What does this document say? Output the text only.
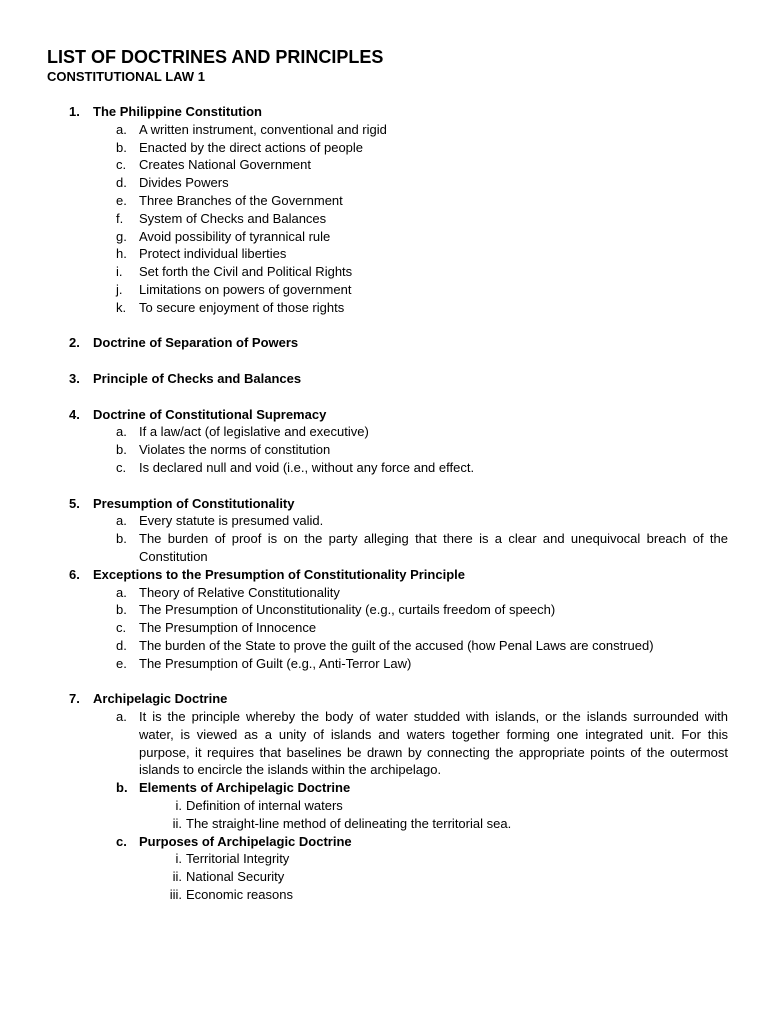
LIST OF DOCTRINES AND PRINCIPLES
CONSTITUTIONAL LAW 1
1. The Philippine Constitution
a. A written instrument, conventional and rigid
b. Enacted by the direct actions of people
c. Creates National Government
d. Divides Powers
e. Three Branches of the Government
f. System of Checks and Balances
g. Avoid possibility of tyrannical rule
h. Protect individual liberties
i. Set forth the Civil and Political Rights
j. Limitations on powers of government
k. To secure enjoyment of those rights
2. Doctrine of Separation of Powers
3. Principle of Checks and Balances
4. Doctrine of Constitutional Supremacy
a. If a law/act (of legislative and executive)
b. Violates the norms of constitution
c. Is declared null and void (i.e., without any force and effect.
5. Presumption of Constitutionality
a. Every statute is presumed valid.
b. The burden of proof is on the party alleging that there is a clear and unequivocal breach of the Constitution
6. Exceptions to the Presumption of Constitutionality Principle
a. Theory of Relative Constitutionality
b. The Presumption of Unconstitutionality (e.g., curtails freedom of speech)
c. The Presumption of Innocence
d. The burden of the State to prove the guilt of the accused (how Penal Laws are construed)
e. The Presumption of Guilt (e.g., Anti-Terror Law)
7. Archipelagic Doctrine
a. It is the principle whereby the body of water studded with islands, or the islands surrounded with water, is viewed as a unity of islands and waters together forming one integrated unit. For this purpose, it requires that baselines be drawn by connecting the appropriate points of the outermost islands to encircle the islands within the archipelago.
b. Elements of Archipelagic Doctrine
i. Definition of internal waters
ii. The straight-line method of delineating the territorial sea.
c. Purposes of Archipelagic Doctrine
i. Territorial Integrity
ii. National Security
iii. Economic reasons
